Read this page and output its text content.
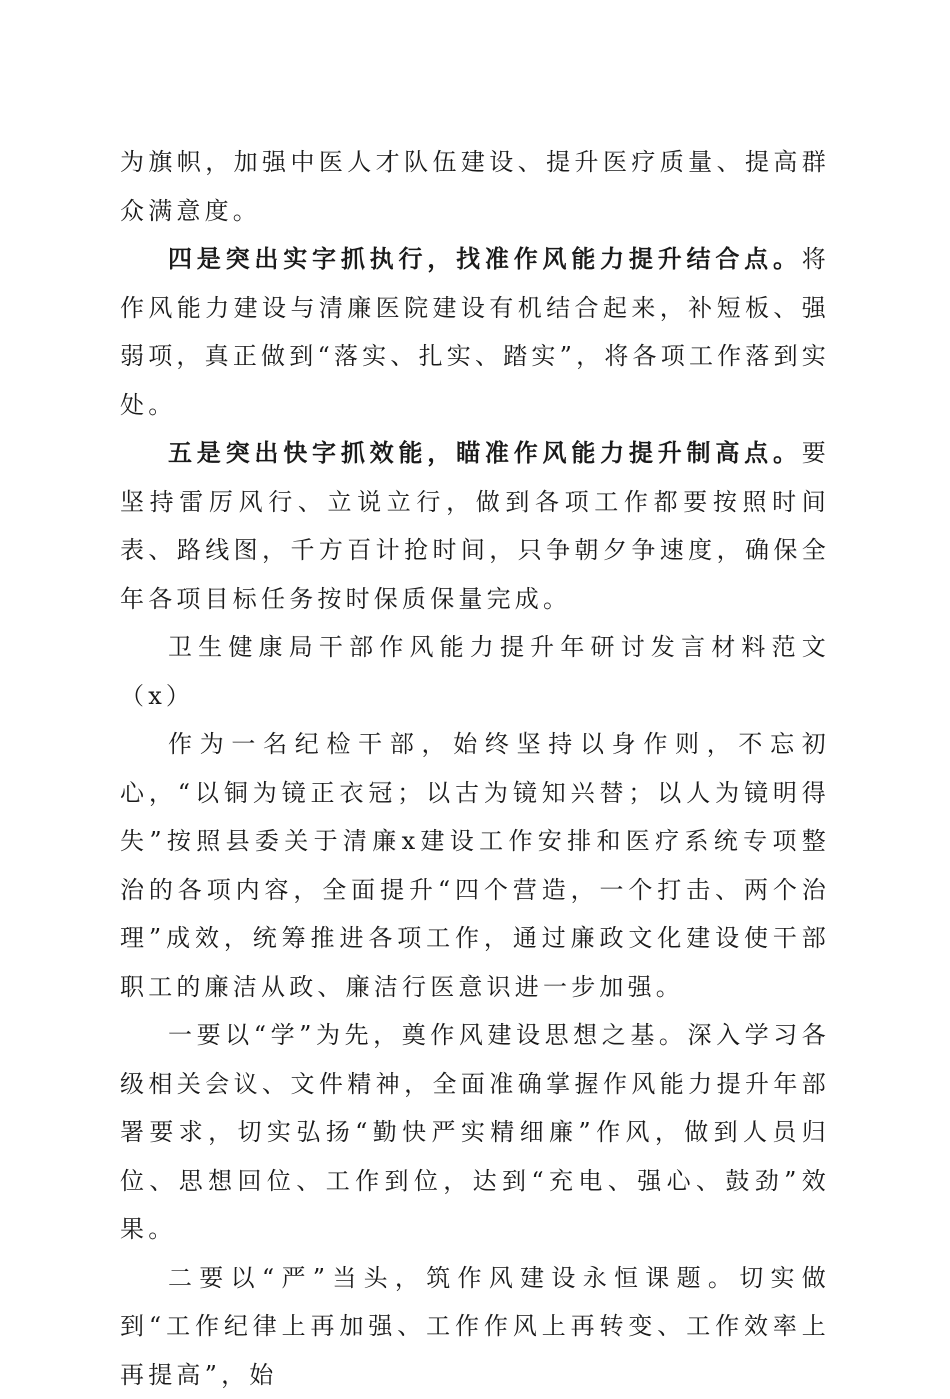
为旗帜，加强中医人才队伍建设、提升医疗质量、提高群众满意度。

四是突出实字抓执行，找准作风能力提升结合点。将作风能力建设与清廉医院建设有机结合起来，补短板、强弱项，真正做到“落实、扎实、踏实”，将各项工作落到实处。

五是突出快字抓效能，瞄准作风能力提升制高点。要坚持雷厉风行、立说立行，做到各项工作都要按照时间表、路线图，千方百计抢时间，只争朝夕争速度，确保全年各项目标任务按时保质保量完成。

卫生健康局干部作风能力提升年研讨发言材料范文（x）

作为一名纪检干部，始终坚持以身作则，不忘初心，“以铜为镜正衣冠；以古为镜知兴替；以人为镜明得失”按照县委关于清廉x建设工作安排和医疗系统专项整治的各项内容，全面提升“四个营造，一个打击、两个治理”成效，统筹推进各项工作，通过廉政文化建设使干部职工的廉洁从政、廉洁行医意识进一步加强。

一要以“学”为先，奠作风建设思想之基。深入学习各级相关会议、文件精神，全面准确掌握作风能力提升年部署要求，切实弘扬“勤快严实精细廉”作风，做到人员归位、思想回位、工作到位，达到“充电、强心、鼓劲”效果。

二要以“严”当头，筑作风建设永恒课题。切实做到“工作纪律上再加强、工作作风上再转变、工作效率上再提高”，始
